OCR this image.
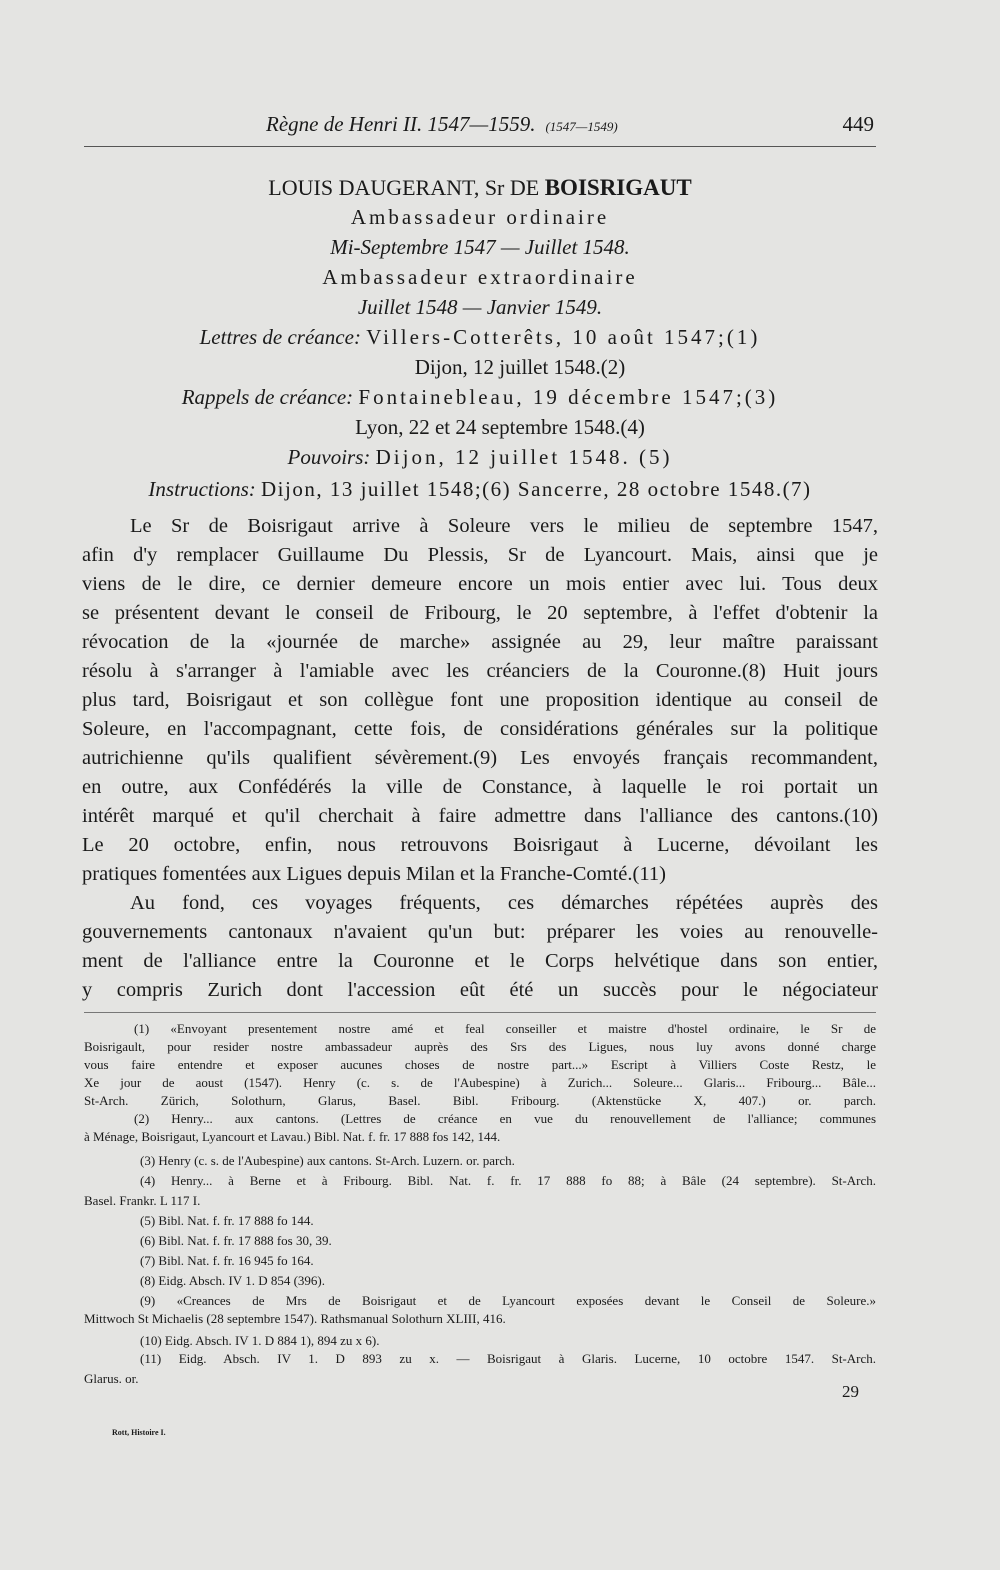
Règne de Henri II. 1547—1559. (1547—1549)	449
LOUIS DAUGERANT, Sr DE BOISRIGAUT
Ambassadeur ordinaire
Mi-Septembre 1547 — Juillet 1548.
Ambassadeur extraordinaire
Juillet 1548 — Janvier 1549.
Lettres de créance: Villers-Cotterêts, 10 août 1547;(1)
Dijon, 12 juillet 1548.(2)
Rappels de créance: Fontainebleau, 19 décembre 1547;(3)
Lyon, 22 et 24 septembre 1548.(4)
Pouvoirs: Dijon, 12 juillet 1548. (5)
Instructions: Dijon, 13 juillet 1548;(6) Sancerre, 28 octobre 1548.(7)
Le Sr de Boisrigaut arrive à Soleure vers le milieu de septembre 1547,
afin d'y remplacer Guillaume Du Plessis, Sr de Lyancourt. Mais, ainsi que je
viens de le dire, ce dernier demeure encore un mois entier avec lui. Tous deux
se présentent devant le conseil de Fribourg, le 20 septembre, à l'effet d'obtenir la
révocation de la «journée de marche» assignée au 29, leur maître paraissant
résolu à s'arranger à l'amiable avec les créanciers de la Couronne.(8) Huit jours
plus tard, Boisrigaut et son collègue font une proposition identique au conseil de
Soleure, en l'accompagnant, cette fois, de considérations générales sur la politique
autrichienne qu'ils qualifient sévèrement.(9) Les envoyés français recommandent,
en outre, aux Confédérés la ville de Constance, à laquelle le roi portait un
intérêt marqué et qu'il cherchait à faire admettre dans l'alliance des cantons.(10)
Le 20 octobre, enfin, nous retrouvons Boisrigaut à Lucerne, dévoilant les
pratiques fomentées aux Ligues depuis Milan et la Franche-Comté.(11)
Au fond, ces voyages fréquents, ces démarches répétées auprès des
gouvernements cantonaux n'avaient qu'un but: préparer les voies au renouvelle-
ment de l'alliance entre la Couronne et le Corps helvétique dans son entier,
y compris Zurich dont l'accession eût été un succès pour le négociateur
(1) «Envoyant presentement nostre amé et feal conseiller et maistre d'hostel ordinaire, le Sr de
Boisrigault, pour resider nostre ambassadeur auprès des Srs des Ligues, nous luy avons donné charge
vous faire entendre et exposer aucunes choses de nostre part...» Escript à Villiers Coste Restz, le
Xe jour de aoust (1547). Henry (c. s. de l'Aubespine) à Zurich... Soleure... Glaris... Fribourg... Bâle...
St-Arch. Zürich, Solothurn, Glarus, Basel. Bibl. Fribourg. (Aktenstücke X, 407.) or. parch.
(2) Henry... aux cantons. (Lettres de créance en vue du renouvellement de l'alliance; communes
à Ménage, Boisrigaut, Lyancourt et Lavau.) Bibl. Nat. f. fr. 17 888 fos 142, 144.
(3) Henry (c. s. de l'Aubespine) aux cantons. St-Arch. Luzern. or. parch.
(4) Henry... à Berne et à Fribourg. Bibl. Nat. f. fr. 17 888 fo 88; à Bâle (24 septembre). St-Arch.
Basel. Frankr. L 117 I.
(5) Bibl. Nat. f. fr. 17 888 fo 144.
(6) Bibl. Nat. f. fr. 17 888 fos 30, 39.
(7) Bibl. Nat. f. fr. 16 945 fo 164.
(8) Eidg. Absch. IV 1. D 854 (396).
(9) «Creances de Mrs de Boisrigaut et de Lyancourt exposées devant le Conseil de Soleure.»
Mittwoch St Michaelis (28 septembre 1547). Rathsmanual Solothurn XLIII, 416.
(10) Eidg. Absch. IV 1. D 884 1), 894 zu x 6).
(11) Eidg. Absch. IV 1. D 893 zu x. — Boisrigaut à Glaris. Lucerne, 10 octobre 1547. St-Arch.
Glarus. or.
29
Rott, Histoire I.
